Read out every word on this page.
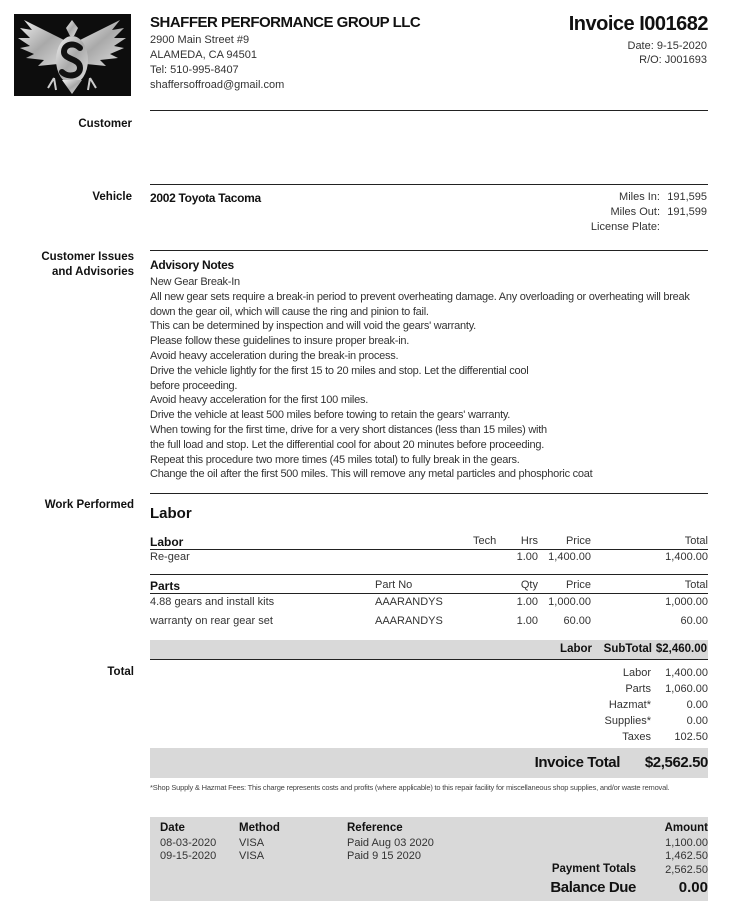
SHAFFER PERFORMANCE GROUP LLC
2900 Main Street #9
ALAMEDA, CA 94501
Tel: 510-995-8407
shaffersoffroad@gmail.com
Invoice I001682
Date: 9-15-2020
R/O: J001693
Customer
Vehicle 2002 Toyota Tacoma	Miles In: 191,595
Miles Out: 191,599
License Plate:
Customer Issues and Advisories Advisory Notes
New Gear Break-In
All new gear sets require a break-in period to prevent overheating damage. Any overloading or overheating will break
down the gear oil, which will cause the ring and pinion to fail.
This can be determined by inspection and will void the gears' warranty.
Please follow these guidelines to insure proper break-in.
Avoid heavy acceleration during the break-in process.
Drive the vehicle lightly for the first 15 to 20 miles and stop. Let the differential cool
before proceeding.
Avoid heavy acceleration for the first 100 miles.
Drive the vehicle at least 500 miles before towing to retain the gears' warranty.
When towing for the first time, drive for a very short distances (less than 15 miles) with
the full load and stop. Let the differential cool for about 20 minutes before proceeding.
Repeat this procedure two more times (45 miles total) to fully break in the gears.
Change the oil after the first 500 miles. This will remove any metal particles and phosphoric coat
Work Performed Labor
Labor	Tech Hrs	Price	Total
Re-gear	1.00 1,400.00	1,400.00
Parts	Part No	Qty	Price	Total
4.88 gears and install kits	AAARANDYS	1.00 1,000.00	1,000.00
warranty on rear gear set	AAARANDYS	1.00 60.00	60.00
Labor SubTotal $2,460.00
Total	Labor 1,400.00
Parts 1,060.00
Hazmat*	0.00
Supplies*	0.00
Taxes 102.50
Invoice Total $2,562.50
*Shop Supply & Hazmat Fees: This charge represents costs and profits (where applicable) to this repair facility for miscellaneous shop supplies, and/or waste removal.
Date	Method	Reference	Amount
08-03-2020 VISA	Paid Aug 03 2020	1,100.00
09-15-2020 VISA	Paid 9 15 2020	1,462.50
Payment Totals	2,562.50
Balance Due	0.00
